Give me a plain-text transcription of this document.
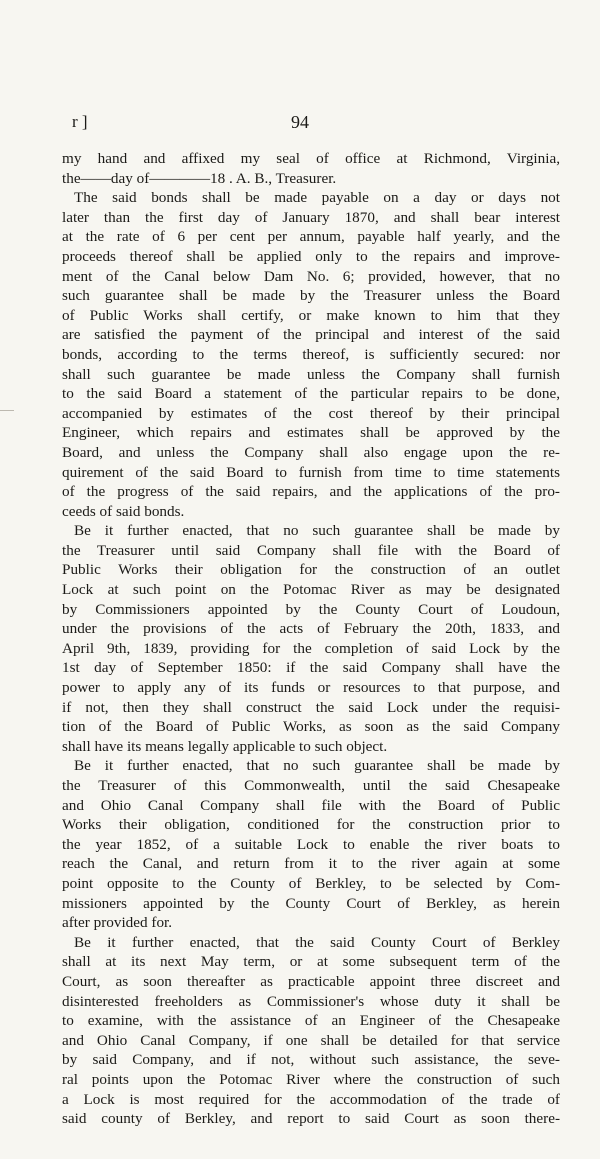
r ]	94
my hand and affixed my seal of office at Richmond, Virginia,
the——day of————18 . A. B., Treasurer.
The said bonds shall be made payable on a day or days not
later than the first day of January 1870, and shall bear interest
at the rate of 6 per cent per annum, payable half yearly, and the
proceeds thereof shall be applied only to the repairs and improve-
ment of the Canal below Dam No. 6; provided, however, that no
such guarantee shall be made by the Treasurer unless the Board
of Public Works shall certify, or make known to him that they
are satisfied the payment of the principal and interest of the said
bonds, according to the terms thereof, is sufficiently secured: nor
shall such guarantee be made unless the Company shall furnish
to the said Board a statement of the particular repairs to be done,
accompanied by estimates of the cost thereof by their principal
Engineer, which repairs and estimates shall be approved by the
Board, and unless the Company shall also engage upon the re-
quirement of the said Board to furnish from time to time statements
of the progress of the said repairs, and the applications of the pro-
ceeds of said bonds.
Be it further enacted, that no such guarantee shall be made by
the Treasurer until said Company shall file with the Board of
Public Works their obligation for the construction of an outlet
Lock at such point on the Potomac River as may be designated
by Commissioners appointed by the County Court of Loudoun,
under the provisions of the acts of February the 20th, 1833, and
April 9th, 1839, providing for the completion of said Lock by the
1st day of September 1850: if the said Company shall have the
power to apply any of its funds or resources to that purpose, and
if not, then they shall construct the said Lock under the requisi-
tion of the Board of Public Works, as soon as the said Company
shall have its means legally applicable to such object.
Be it further enacted, that no such guarantee shall be made by
the Treasurer of this Commonwealth, until the said Chesapeake
and Ohio Canal Company shall file with the Board of Public
Works their obligation, conditioned for the construction prior to
the year 1852, of a suitable Lock to enable the river boats to
reach the Canal, and return from it to the river again at some
point opposite to the County of Berkley, to be selected by Com-
missioners appointed by the County Court of Berkley, as herein
after provided for.
Be it further enacted, that the said County Court of Berkley
shall at its next May term, or at some subsequent term of the
Court, as soon thereafter as practicable appoint three discreet and
disinterested freeholders as Commissioner's whose duty it shall be
to examine, with the assistance of an Engineer of the Chesapeake
and Ohio Canal Company, if one shall be detailed for that service
by said Company, and if not, without such assistance, the seve-
ral points upon the Potomac River where the construction of such
a Lock is most required for the accommodation of the trade of
said county of Berkley, and report to said Court as soon there-
